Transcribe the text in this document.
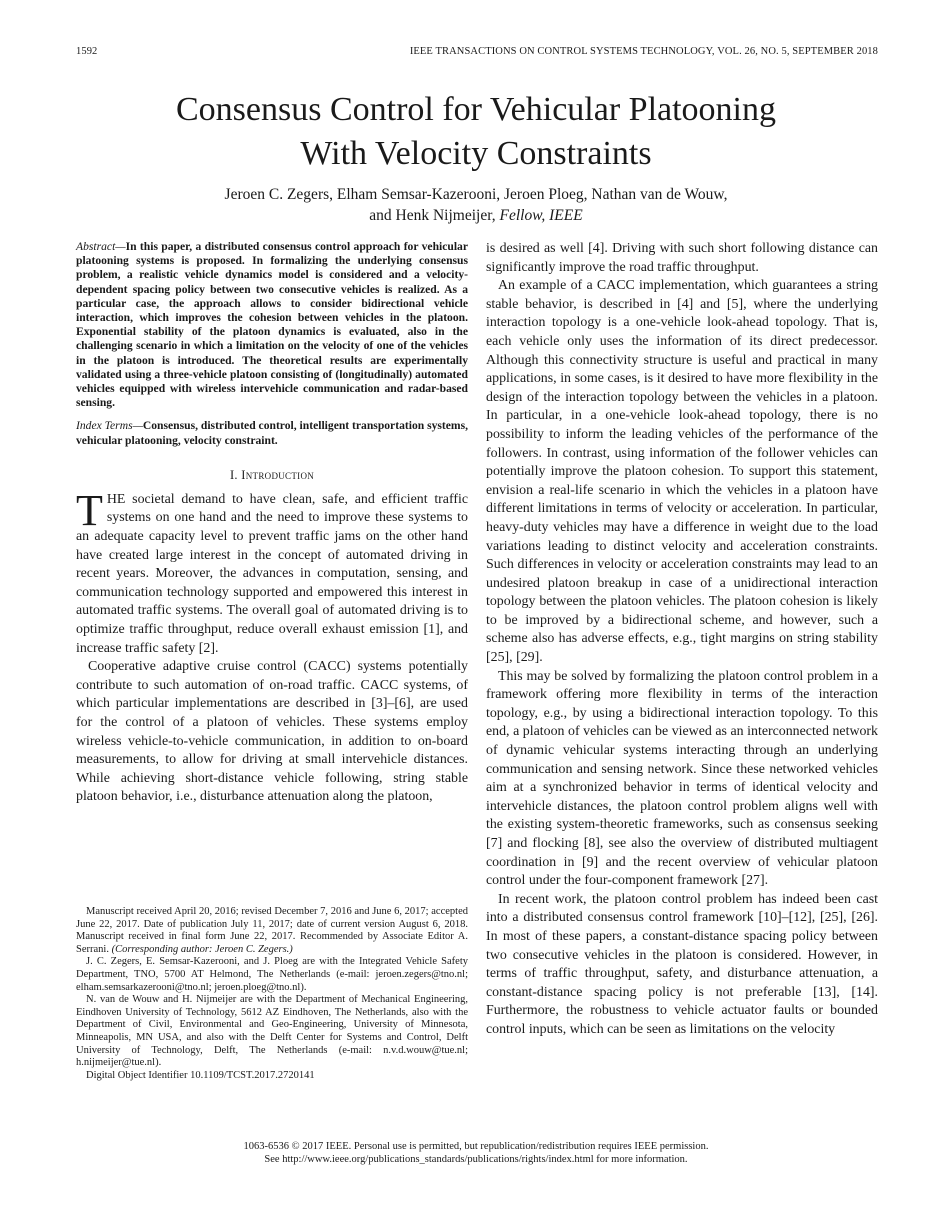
1592	IEEE TRANSACTIONS ON CONTROL SYSTEMS TECHNOLOGY, VOL. 26, NO. 5, SEPTEMBER 2018
Consensus Control for Vehicular Platooning
With Velocity Constraints
Jeroen C. Zegers, Elham Semsar-Kazerooni, Jeroen Ploeg, Nathan van de Wouw,
and Henk Nijmeijer, Fellow, IEEE

Abstract—In this paper, a distributed consensus control approach for vehicular platooning systems is proposed. In formalizing the underlying consensus problem, a realistic vehicle dynamics model is considered and a velocity-dependent spacing policy between two consecutive vehicles is realized. As a particular case, the approach allows to consider bidirectional vehicle interaction, which improves the cohesion between vehicles in the platoon. Exponential stability of the platoon dynamics is evaluated, also in the challenging scenario in which a limitation on the velocity of one of the vehicles in the platoon is introduced. The theoretical results are experimentally validated using a three-vehicle platoon consisting of (longitudinally) automated vehicles equipped with wireless intervehicle communication and radar-based sensing.

Index Terms—Consensus, distributed control, intelligent transportation systems, vehicular platooning, velocity constraint.

I. Introduction

THE societal demand to have clean, safe, and efficient traffic systems on one hand and the need to improve these systems to an adequate capacity level to prevent traffic jams on the other hand have created large interest in the concept of automated driving in recent years. Moreover, the advances in computation, sensing, and communication technology supported and empowered this interest in automated traffic systems. The overall goal of automated driving is to optimize traffic throughput, reduce overall exhaust emission [1], and increase traffic safety [2].

Cooperative adaptive cruise control (CACC) systems potentially contribute to such automation of on-road traffic. CACC systems, of which particular implementations are described in [3]–[6], are used for the control of a platoon of vehicles. These systems employ wireless vehicle-to-vehicle communication, in addition to on-board measurements, to allow for driving at small intervehicle distances. While achieving short-distance vehicle following, string stable platoon behavior, i.e., disturbance attenuation along the platoon,

Manuscript received April 20, 2016; revised December 7, 2016 and June 6, 2017; accepted June 22, 2017. Date of publication July 11, 2017; date of current version August 6, 2018. Manuscript received in final form June 22, 2017. Recommended by Associate Editor A. Serrani. (Corresponding author: Jeroen C. Zegers.)

J. C. Zegers, E. Semsar-Kazerooni, and J. Ploeg are with the Integrated Vehicle Safety Department, TNO, 5700 AT Helmond, The Netherlands (e-mail: jeroen.zegers@tno.nl; elham.semsarkazerooni@tno.nl; jeroen.ploeg@tno.nl).

N. van de Wouw and H. Nijmeijer are with the Department of Mechanical Engineering, Eindhoven University of Technology, 5612 AZ Eindhoven, The Netherlands, also with the Department of Civil, Environmental and Geo-Engineering, University of Minnesota, Minneapolis, MN USA, and also with the Delft Center for Systems and Control, Delft University of Technology, Delft, The Netherlands (e-mail: n.v.d.wouw@tue.nl; h.nijmeijer@tue.nl).

Digital Object Identifier 10.1109/TCST.2017.2720141

is desired as well [4]. Driving with such short following distance can significantly improve the road traffic throughput.

An example of a CACC implementation, which guarantees a string stable behavior, is described in [4] and [5], where the underlying interaction topology is a one-vehicle look-ahead topology. That is, each vehicle only uses the information of its direct predecessor. Although this connectivity structure is useful and practical in many applications, in some cases, is it desired to have more flexibility in the design of the interaction topology between the vehicles in a platoon. In particular, in a one-vehicle look-ahead topology, there is no possibility to inform the leading vehicles of the performance of the followers. In contrast, using information of the follower vehicles can potentially improve the platoon cohesion. To support this statement, envision a real-life scenario in which the vehicles in a platoon have different limitations in terms of velocity or acceleration. In particular, heavy-duty vehicles may have a difference in weight due to the load variations leading to distinct velocity and acceleration constraints. Such differences in velocity or acceleration constraints may lead to an undesired platoon breakup in case of a unidirectional interaction topology between the platoon vehicles. The platoon cohesion is likely to be improved by a bidirectional scheme, and however, such a scheme also has adverse effects, e.g., tight margins on string stability [25], [29].

This may be solved by formalizing the platoon control problem in a framework offering more flexibility in terms of the interaction topology, e.g., by using a bidirectional interaction topology. To this end, a platoon of vehicles can be viewed as an interconnected network of dynamic vehicular systems interacting through an underlying communication and sensing network. Since these networked vehicles aim at a synchronized behavior in terms of identical velocity and intervehicle distances, the platoon control problem aligns well with the existing system-theoretic frameworks, such as consensus seeking [7] and flocking [8], see also the overview of distributed multiagent coordination in [9] and the recent overview of vehicular platoon control under the four-component framework [27].

In recent work, the platoon control problem has indeed been cast into a distributed consensus control framework [10]–[12], [25], [26]. In most of these papers, a constant-distance spacing policy between two consecutive vehicles in the platoon is considered. However, in terms of traffic throughput, safety, and disturbance attenuation, a constant-distance spacing policy is not preferable [13], [14]. Furthermore, the robustness to vehicle actuator faults or bounded control inputs, which can be seen as limitations on the velocity

1063-6536 © 2017 IEEE. Personal use is permitted, but republication/redistribution requires IEEE permission.
See http://www.ieee.org/publications_standards/publications/rights/index.html for more information.
